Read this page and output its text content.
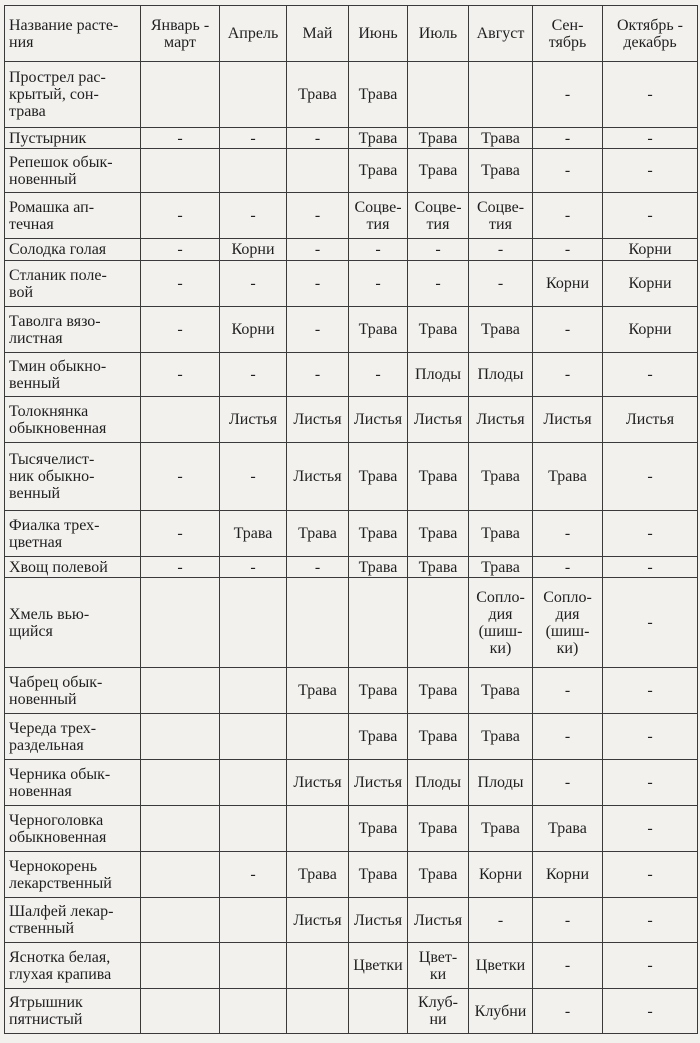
Название расте-
ния	Январь -
март	Апрель	Май	Июнь	Июль	Август	Сен-
тябрь	Октябрь -
декабрь
Прострел рас-
крытый, сон-
трава			Трава	Трава			-	-
Пустырник	-	-	-	Трава	Трава	Трава	-	-
Репешок обык-
новенный				Трава	Трава	Трава	-	-
Ромашка ап-
течная	-	-	-	Соцве-
тия	Соцве-
тия	Соцве-
тия	-	-
Солодка голая	-	Корни	-	-	-	-	-	Корни
Стланик поле-
вой	-	-	-	-	-	-	Корни	Корни
Таволга вязо-
листная	-	Корни	-	Трава	Трава	Трава	-	Корни
Тмин обыкно-
венный	-	-	-	-	Плоды	Плоды	-	-
Толокнянка
обыкновенная		Листья	Листья	Листья	Листья	Листья	Листья	Листья
Тысячелист-
ник обыкно-
венный	-	-	Листья	Трава	Трава	Трава	Трава	-
Фиалка трех-
цветная	-	Трава	Трава	Трава	Трава	Трава	-	-
Хвощ полевой	-	-	-	Трава	Трава	Трава	-	-
Хмель вью-
щийся						Сопло-
дия
(шиш-
ки)	Сопло-
дия
(шиш-
ки)	-
Чабрец обык-
новенный			Трава	Трава	Трава	Трава	-	-
Череда трех-
раздельная				Трава	Трава	Трава	-	-
Черника обык-
новенная			Листья	Листья	Плоды	Плоды	-	-
Черноголовка
обыкновенная				Трава	Трава	Трава	Трава	-
Чернокорень
лекарственный		-	Трава	Трава	Трава	Корни	Корни	-
Шалфей лекар-
ственный			Листья	Листья	Листья	-	-	-
Яснотка белая,
глухая крапива				Цветки	Цвет-
ки	Цветки	-	-
Ятрышник
пятнистый					Клуб-
ни	Клубни	-	-
